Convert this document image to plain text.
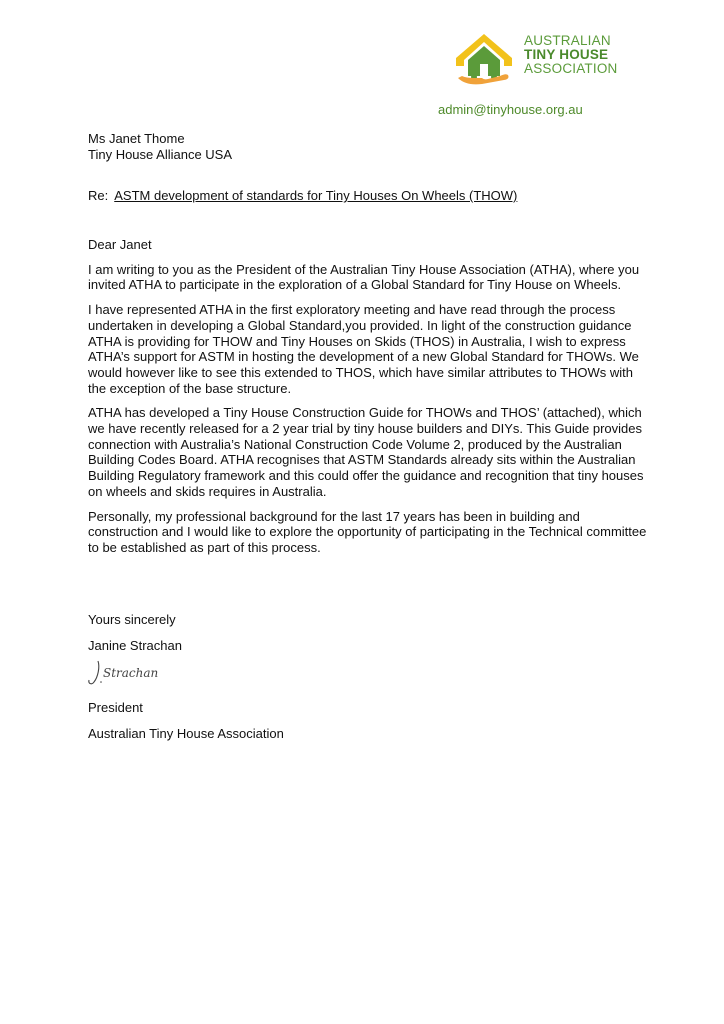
AUSTRALIAN
TINY HOUSE
ASSOCIATION
admin@tinyhouse.org.au
Ms Janet Thome
Tiny House Alliance USA
Re: ASTM development of standards for Tiny Houses On Wheels (THOW)

Dear Janet

I am writing to you as the President of the Australian Tiny House Association (ATHA), where you invited ATHA to participate in the exploration of a Global Standard for Tiny House on Wheels.

I have represented ATHA in the first exploratory meeting and have read through the process undertaken in developing a Global Standard,you provided. In light of the construction guidance ATHA is providing for THOW and Tiny Houses on Skids (THOS) in Australia, I wish to express ATHA’s support for ASTM in hosting the development of a new Global Standard for THOWs. We would however like to see this extended to THOS, which have similar attributes to THOWs with the exception of the base structure.

ATHA has developed a Tiny House Construction Guide for THOWs and THOS’ (attached), which we have recently released for a 2 year trial by tiny house builders and DIYs. This Guide provides connection with Australia’s National Construction Code Volume 2, produced by the Australian Building Codes Board. ATHA recognises that ASTM Standards already sits within the Australian Building Regulatory framework and this could offer the guidance and recognition that tiny houses on wheels and skids requires in Australia.

Personally, my professional background for the last 17 years has been in building and construction and I would like to explore the opportunity of participating in the Technical committee to be established as part of this process.

Yours sincerely
Janine Strachan
Strachan
President
Australian Tiny House Association
